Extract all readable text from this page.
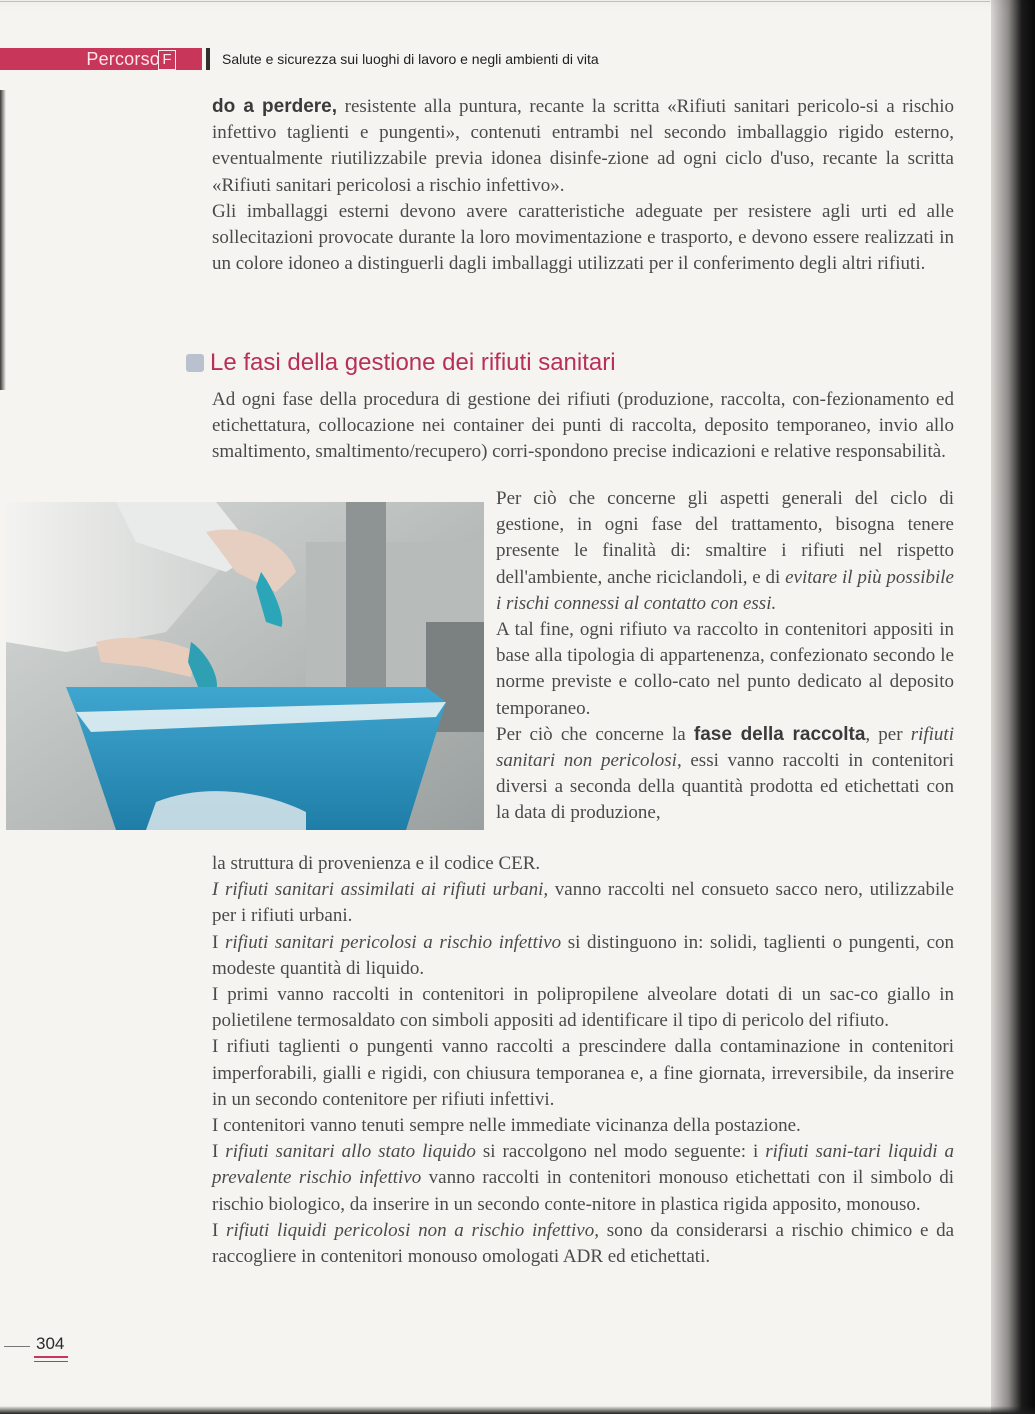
Percorso F	Salute e sicurezza sui luoghi di lavoro e negli ambienti di vita

do a perdere, resistente alla puntura, recante la scritta «Rifiuti sanitari pericolo-si a rischio infettivo taglienti e pungenti», contenuti entrambi nel secondo imballaggio rigido esterno, eventualmente riutilizzabile previa idonea disinfe-zione ad ogni ciclo d'uso, recante la scritta «Rifiuti sanitari pericolosi a rischio infettivo».

Gli imballaggi esterni devono avere caratteristiche adeguate per resistere agli urti ed alle sollecitazioni provocate durante la loro movimentazione e trasporto, e devono essere realizzati in un colore idoneo a distinguerli dagli imballaggi utilizzati per il conferimento degli altri rifiuti.

Le fasi della gestione dei rifiuti sanitari

Ad ogni fase della procedura di gestione dei rifiuti (produzione, raccolta, con-fezionamento ed etichettatura, collocazione nei container dei punti di raccolta, deposito temporaneo, invio allo smaltimento, smaltimento/recupero) corri-spondono precise indicazioni e relative responsabilità.

Per ciò che concerne gli aspetti generali del ciclo di gestione, in ogni fase del trattamento, bisogna tenere presente le finalità di: smaltire i rifiuti nel rispetto dell'ambiente, anche riciclandoli, e di evitare il più possibile i rischi connessi al contatto con essi.

A tal fine, ogni rifiuto va raccolto in contenitori appositi in base alla tipologia di appartenenza, confezionato secondo le norme previste e collo-cato nel punto dedicato al deposito temporaneo.

Per ciò che concerne la fase della raccolta, per rifiuti sanitari non pericolosi, essi vanno raccolti in contenitori diversi a seconda della quantità prodotta ed etichettati con la data di produzione,

la struttura di provenienza e il codice CER.

I rifiuti sanitari assimilati ai rifiuti urbani, vanno raccolti nel consueto sacco nero, utilizzabile per i rifiuti urbani.

I rifiuti sanitari pericolosi a rischio infettivo si distinguono in: solidi, taglienti o pungenti, con modeste quantità di liquido.

I primi vanno raccolti in contenitori in polipropilene alveolare dotati di un sac-co giallo in polietilene termosaldato con simboli appositi ad identificare il tipo di pericolo del rifiuto.

I rifiuti taglienti o pungenti vanno raccolti a prescindere dalla contaminazione in contenitori imperforabili, gialli e rigidi, con chiusura temporanea e, a fine giornata, irreversibile, da inserire in un secondo contenitore per rifiuti infettivi.

I contenitori vanno tenuti sempre nelle immediate vicinanza della postazione.

I rifiuti sanitari allo stato liquido si raccolgono nel modo seguente: i rifiuti sani-tari liquidi a prevalente rischio infettivo vanno raccolti in contenitori monouso etichettati con il simbolo di rischio biologico, da inserire in un secondo conte-nitore in plastica rigida apposito, monouso.

I rifiuti liquidi pericolosi non a rischio infettivo, sono da considerarsi a rischio chimico e da raccogliere in contenitori monouso omologati ADR ed etichettati.

304
